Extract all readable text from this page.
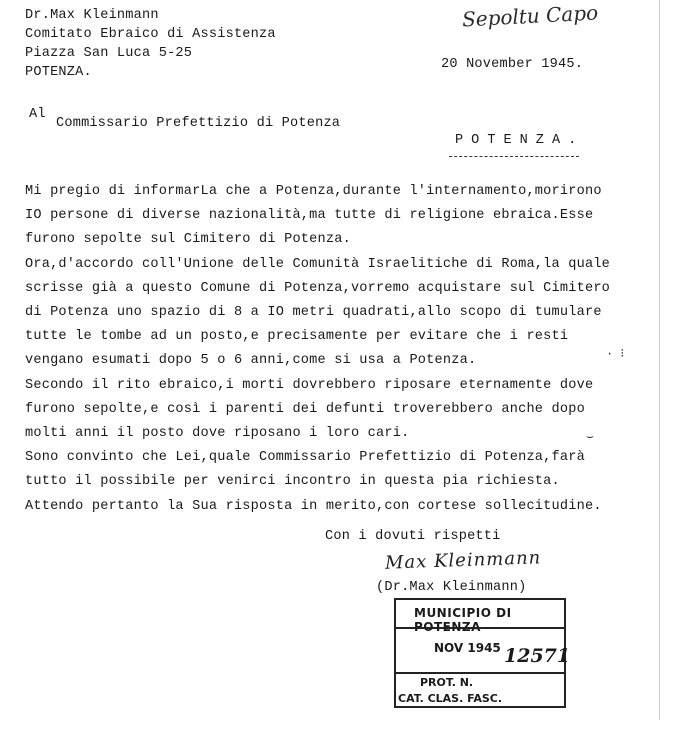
Dr.Max Kleinmann
Comitato Ebraico di Assistenza
Piazza San Luca 5-25
POTENZA.
Sepoltu Capo
20 November 1945.
Al
Commissario Prefettizio di Potenza
POTENZA.
Mi pregio di informarLa che a Potenza,durante l'internamento,morirono
IO persone di diverse nazionalità,ma tutte di religione ebraica.Esse
furono sepolte sul Cimitero di Potenza.
Ora,d'accordo coll'Unione delle Comunità Israelitiche di Roma,la quale
scrisse già a questo Comune di Potenza,vorremo acquistare sul Cimitero
di Potenza uno spazio di 8 a IO metri quadrati,allo scopo di tumulare
tutte le tombe ad un posto,e precisamente per evitare che i resti
vengano esumati dopo 5 o 6 anni,come si usa a Potenza.
Secondo il rito ebraico,i morti dovrebbero riposare eternamente dove
furono sepolte,e così i parenti dei defunti troverebbero anche dopo
molti anni il posto dove riposano i loro cari.
Sono convinto che Lei,quale Commissario Prefettizio di Potenza,farà
tutto il possibile per venirci incontro in questa pia richiesta.
Attendo pertanto la Sua risposta in merito,con cortese sollecitudine.
Con i dovuti rispetti
Max Kleinmann
(Dr.Max Kleinmann)
MUNICIPIO DI POTENZA
NOV 1945 12571
PROT. N.
CAT. CLAS. FASC.
· ⁝
⌣
